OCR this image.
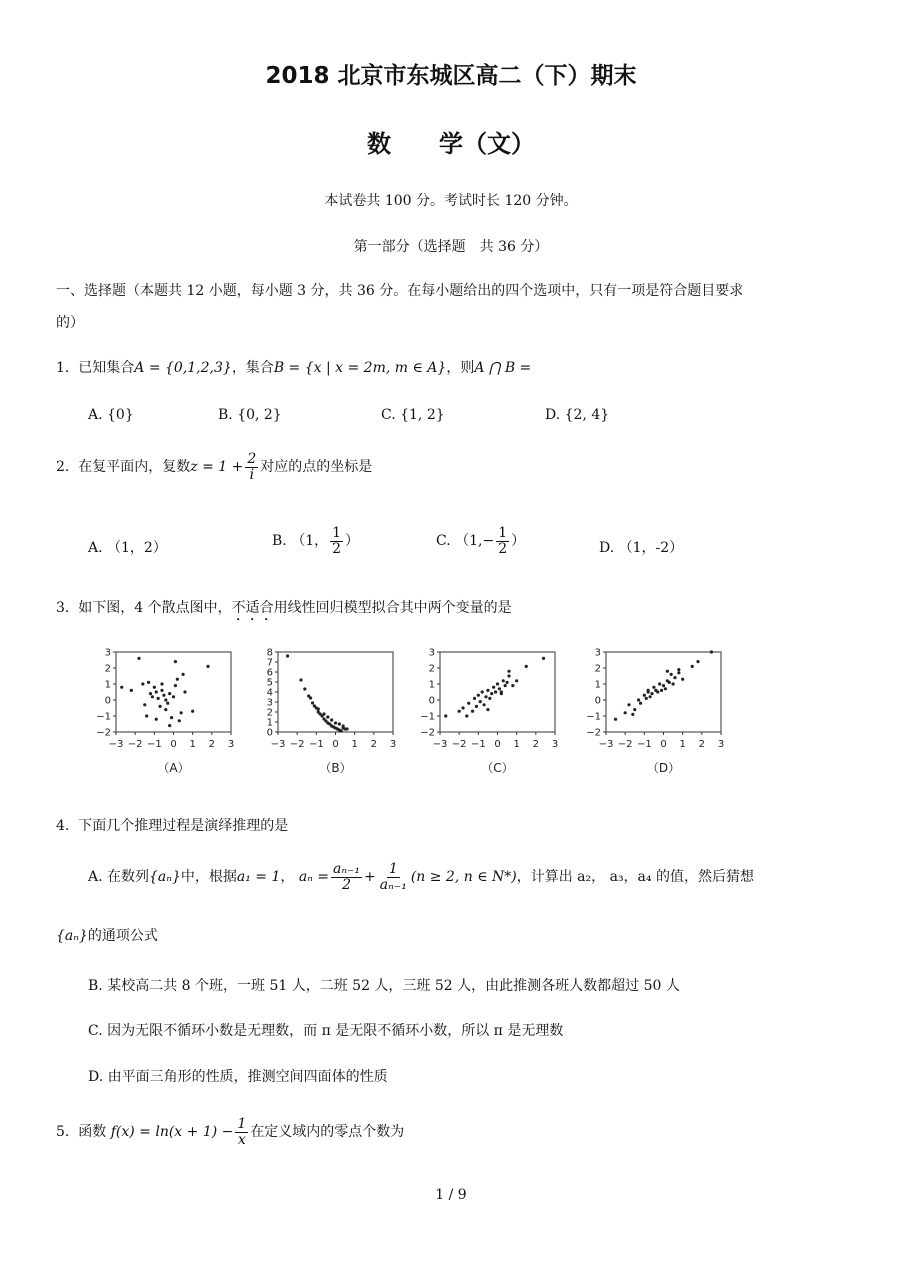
2018 北京市东城区高二（下）期末
数　　学（文）
本试卷共 100 分。考试时长 120 分钟。
第一部分（选择题　共 36 分）
一、选择题（本题共 12 小题，每小题 3 分，共 36 分。在每小题给出的四个选项中，只有一项是符合题目要求
的）
1. 已知集合A = {0,1,2,3}，集合B = {x | x = 2m, m ∈ A}，则A ⋂ B =
A. {0}	B. {0, 2}	C. {1, 2}	D. {2, 4}
2. 在复平面内，复数$z = 1 + \frac{2}{i}$ 对应的点的坐标是
A. （1，2）	B. （1， $\frac{1}{2}$ ）	C. （$1,- \frac{1}{2}$ ）	D. （1，-2）
3. 如下图，4 个散点图中，不适合用线性回归模型拟合其中两个变量的是
3
2
1
0
−1
−2
−3 −2 −1 0 1 2 3
（A）
8
7
6
5
4
3
2
1
0
−3 −2 −1 0 1 2 3
（B）
3
2
1
0
−1
−2
−3 −2 −1 0 1 2 3
（C）
3
2
1
0
−1
−2
−3 −2 −1 0 1 2 3
（D）
4. 下面几个推理过程是演绎推理的是
A. 在数列{aₙ}中，根据a₁ = 1， $a_n = \frac{\text{aₙ₋₁}}{2} + \frac{1}{\text{aₙ₋₁}} (n \ge 2$, n ∈ N*)，计算出 a₂， a₃，a₄ 的值，然后猜想
{aₙ}的通项公式
B. 某校高二共 8 个班，一班 51 人，二班 52 人，三班 52 人，由此推测各班人数都超过 50 人
C. 因为无限不循环小数是无理数，而 π 是无限不循环小数，所以 π 是无理数
D. 由平面三角形的性质，推测空间四面体的性质
5. 函数 $f(x) = \ln(x + 1) - \frac{1}{x}$ 在定义域内的零点个数为
1 / 9
